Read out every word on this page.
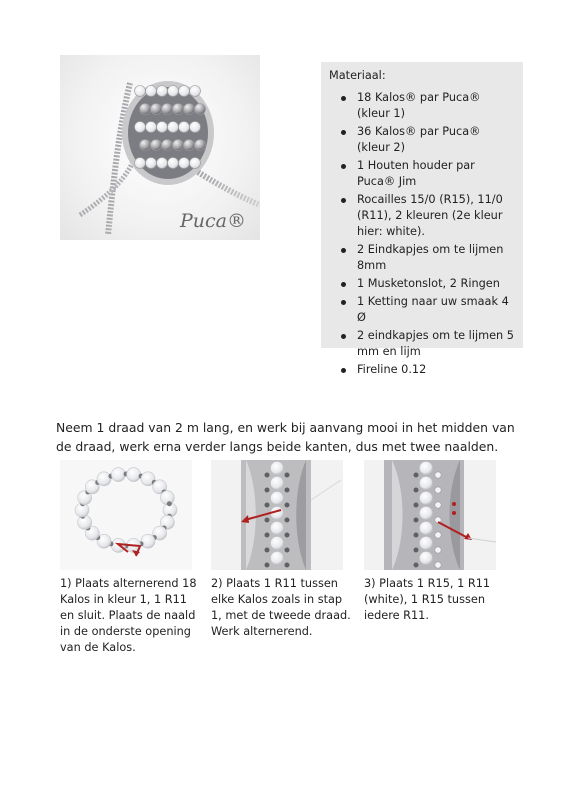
Puca®
Materiaal:
18 Kalos® par Puca® (kleur 1)
36 Kalos® par Puca® (kleur 2)
1 Houten houder par Puca® Jim
Rocailles 15/0 (R15), 11/0 (R11), 2 kleuren (2e kleur hier: white).
2 Eindkapjes om te lijmen 8mm
1 Musketonslot, 2 Ringen
1 Ketting naar uw smaak 4 Ø
2 eindkapjes om te lijmen 5 mm en lijm
Fireline 0.12
Neem 1 draad van 2 m lang, en werk bij aanvang mooi in het midden van de draad, werk erna verder langs beide kanten, dus met twee naalden.
1) Plaats alternerend 18 Kalos in kleur 1, 1 R11 en sluit. Plaats de naald in de onderste opening van de Kalos.
2) Plaats 1 R11 tussen elke Kalos zoals in stap 1, met de tweede draad. Werk alternerend.
3) Plaats 1 R15, 1 R11 (white), 1 R15 tussen iedere R11.
